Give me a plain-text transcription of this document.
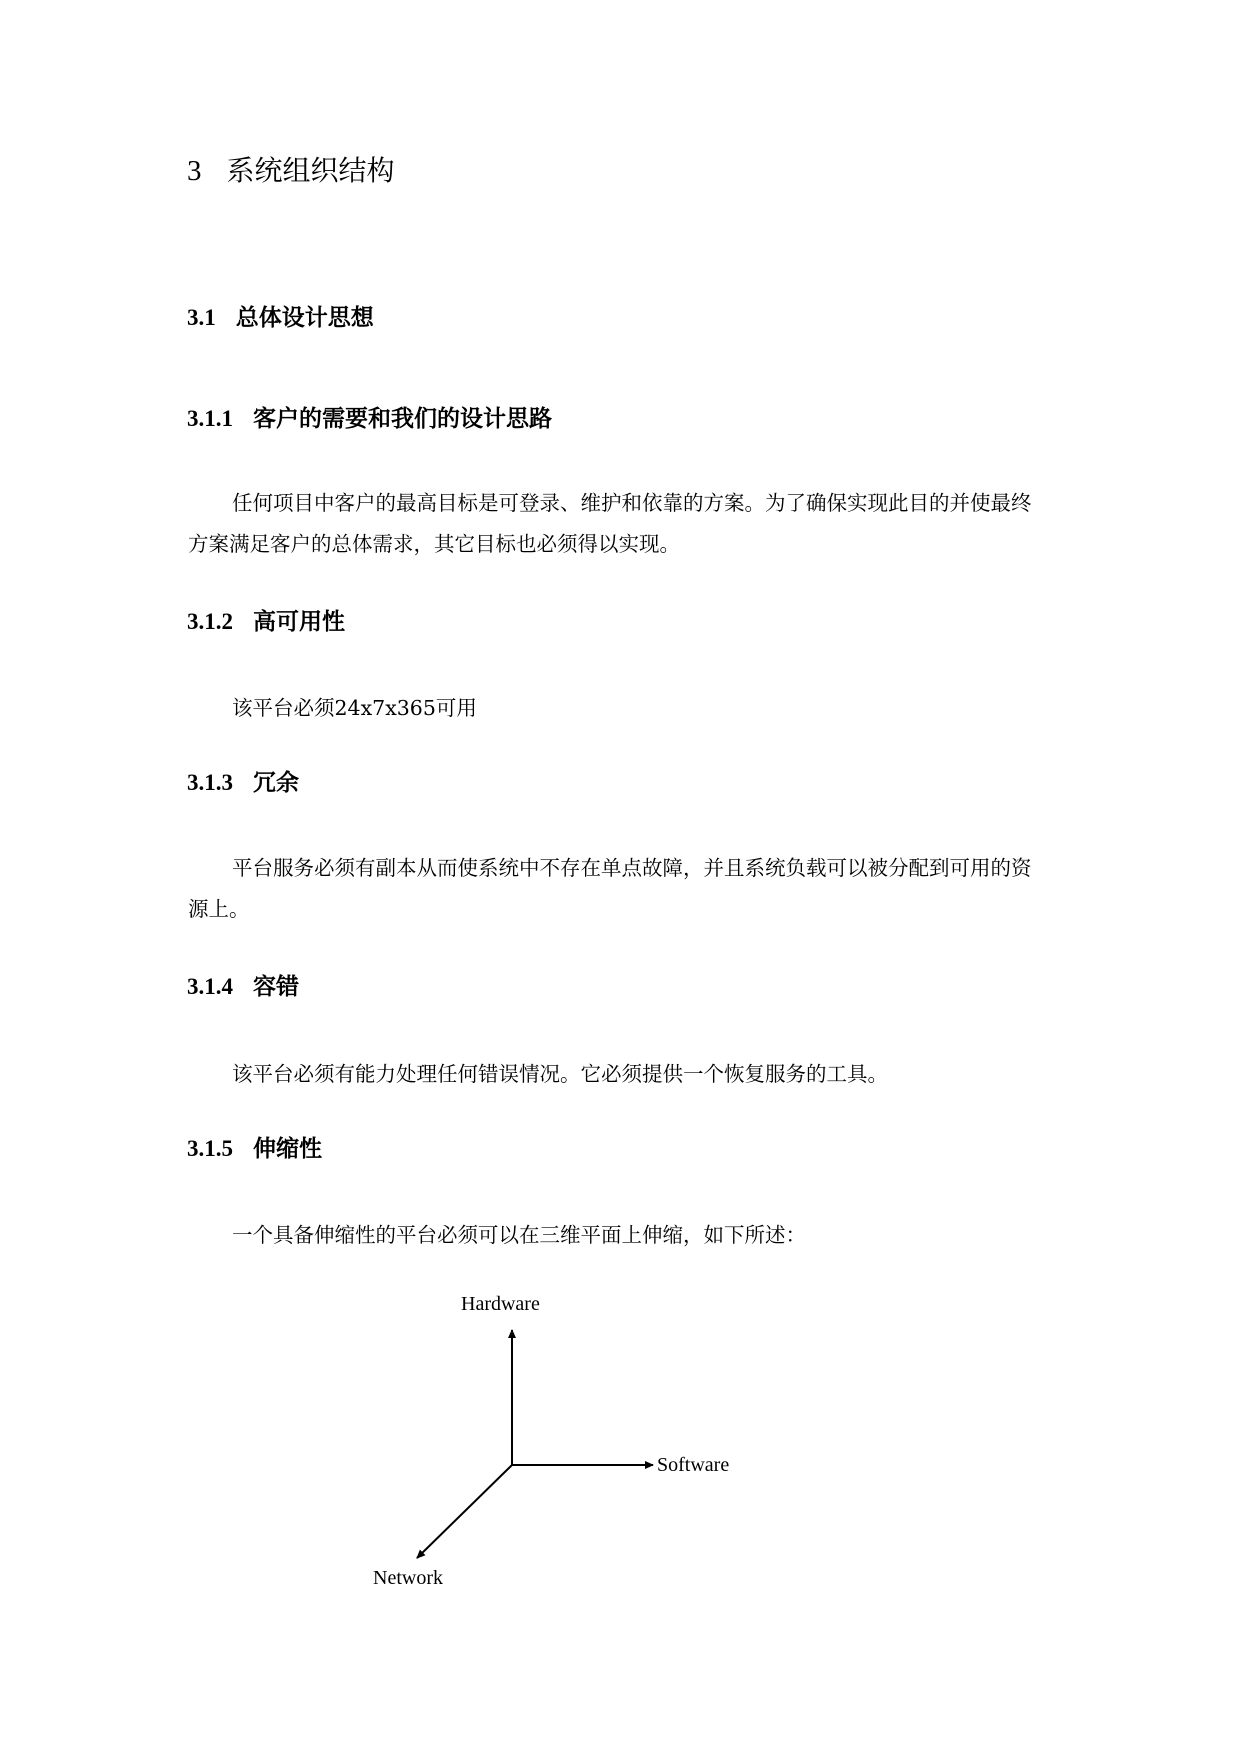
3 系统组织结构
3.1 总体设计思想
3.1.1 客户的需要和我们的设计思路

任何项目中客户的最高目标是可登录、维护和依靠的方案。为了确保实现此目的并使最终方案满足客户的总体需求，其它目标也必须得以实现。

3.1.2 高可用性

该平台必须24x7x365可用

3.1.3 冗余

平台服务必须有副本从而使系统中不存在单点故障，并且系统负载可以被分配到可用的资源上。

3.1.4 容错

该平台必须有能力处理任何错误情况。它必须提供一个恢复服务的工具。

3.1.5 伸缩性

一个具备伸缩性的平台必须可以在三维平面上伸缩，如下所述：

Hardware
Software
Network
